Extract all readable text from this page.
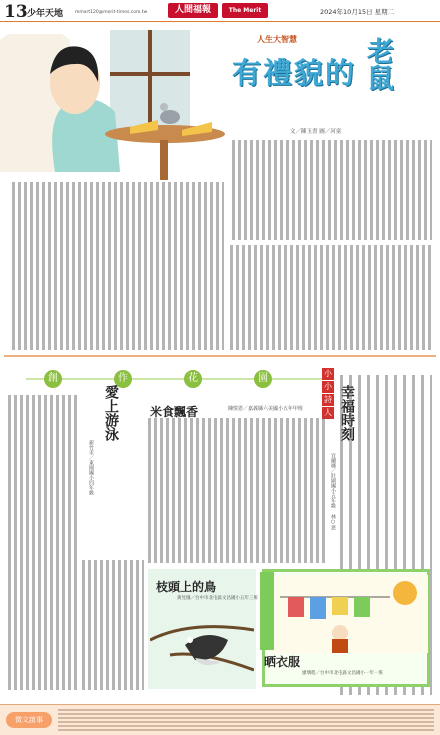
13 少年天地	mmart120@merit-times.com.tw	人間福報	The Merit Times
2024年10月15日 星期二
人生大智慧
有禮貌的 老鼠
文／陳玉書 圖／河童
創	作	花	園	小
小
詩
人 幸福時刻
宜蘭縣／壯圍國小五年級 林○恩
愛上游泳
新竹市／東園國小四年級
米食飄香	陳愷恩／嘉義縣六美國小五年甲班
枝頭上的鳥
黃昱儀／台中市北屯區文昌國小五年三班
晒衣服
廖瑀程／台中市北屯區文昌國小一年一班
徵文啟事
